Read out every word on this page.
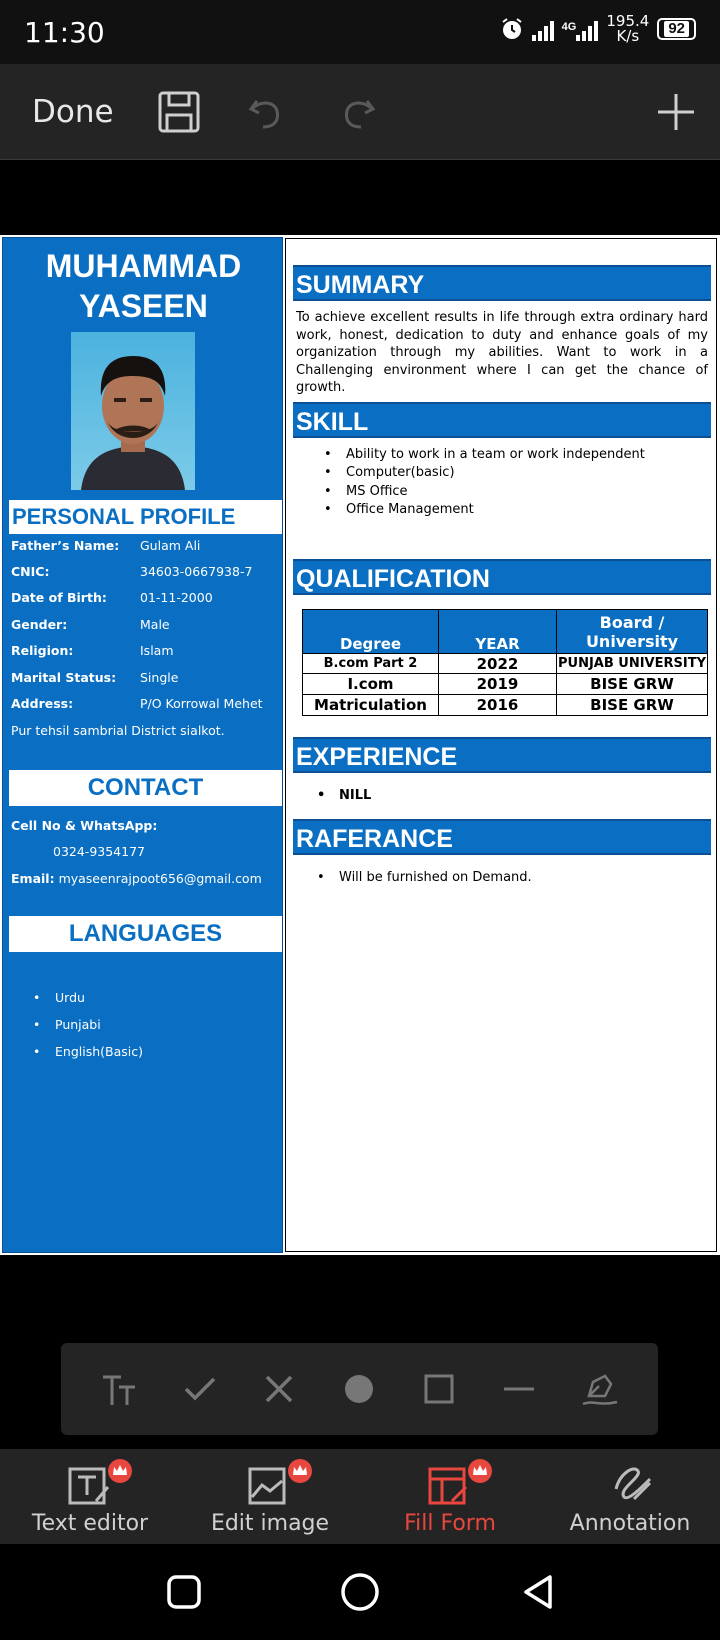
11:30	4G 195.4
K/s	92
Done
MUHAMMAD
YASEEN
PERSONAL PROFILE
Father’s Name: Gulam Ali
CNIC:	34603-0667938-7
Date of Birth:	01-11-2000
Gender:	Male
Religion:	Islam
Marital Status: Single
Address:	P/O Korrowal Mehet
Pur tehsil sambrial District sialkot.
CONTACT
Cell No & WhatsApp:
0324-9354177
Email: myaseenrajpoot656@gmail.com
LANGUAGES
• Urdu
• Punjabi
• English(Basic)
SUMMARY
To achieve excellent results in life through extra ordinary hard work, honest, dedication to duty and enhance goals of my organization through my abilities. Want to work in a Challenging environment where I can get the chance of growth.
SKILL
• Ability to work in a team or work independent
• Computer(basic)
• MS Office
• Office Management
QUALIFICATION
Degree	YEAR	Board / University
B.com Part 2	2022	PUNJAB UNIVERSITY
I.com	2019	BISE GRW
Matriculation	2016	BISE GRW
EXPERIENCE
• NILL
RAFERANCE
• Will be furnished on Demand.
Text editor	Edit image	Fill Form	Annotation
